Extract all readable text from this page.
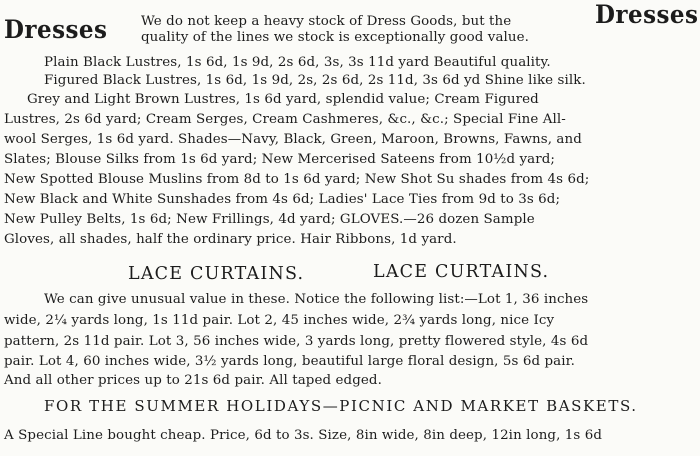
Dresses
Dresses
We do not keep a heavy stock of Dress Goods, but the
quality of the lines we stock is exceptionally good value.
Plain Black Lustres, 1s 6d, 1s 9d, 2s 6d, 3s, 3s 11d yard Beautiful quality.
Figured Black Lustres, 1s 6d, 1s 9d, 2s, 2s 6d, 2s 11d, 3s 6d yd Shine like silk.
Grey and Light Brown Lustres, 1s 6d yard, splendid value; Cream Figured
Lustres, 2s 6d yard; Cream Serges, Cream Cashmeres, &c., &c.; Special Fine All-
wool Serges, 1s 6d yard. Shades—Navy, Black, Green, Maroon, Browns, Fawns, and
Slates; Blouse Silks from 1s 6d yard; New Mercerised Sateens from 10½d yard;
New Spotted Blouse Muslins from 8d to 1s 6d yard; New Shot Su shades from 4s 6d;
New Black and White Sunshades from 4s 6d; Ladies' Lace Ties from 9d to 3s 6d;
New Pulley Belts, 1s 6d; New Frillings, 4d yard; GLOVES.—26 dozen Sample
Gloves, all shades, half the ordinary price. Hair Ribbons, 1d yard.
LACE CURTAINS.	LACE CURTAINS.
We can give unusual value in these. Notice the following list:—Lot 1, 36 inches
wide, 2¼ yards long, 1s 11d pair. Lot 2, 45 inches wide, 2¾ yards long, nice Icy
pattern, 2s 11d pair. Lot 3, 56 inches wide, 3 yards long, pretty flowered style, 4s 6d
pair. Lot 4, 60 inches wide, 3½ yards long, beautiful large floral design, 5s 6d pair.
And all other prices up to 21s 6d pair. All taped edged.
FOR THE SUMMER HOLIDAYS—PICNIC AND MARKET BASKETS.
A Special Line bought cheap. Price, 6d to 3s. Size, 8in wide, 8in deep, 12in long, 1s 6d
